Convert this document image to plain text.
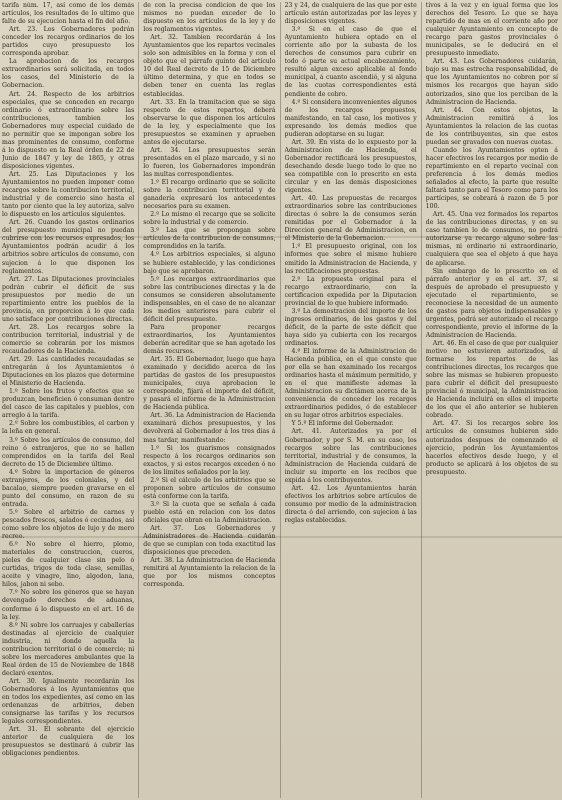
tarifa núm. 17, así como de los demás artículos, los resultados de lo ultimo que falte de su ejecucion hasta el fin del año.

Art. 23. Los Gobernadores podrán conceder los recargos ordinarios de los partidos cuyo presupuesto los corresponda aprobar.

La aprobacion de los recargos extraordinarios será solicitada, en todos los casos, del Ministerio de la Gobernacion.

Art. 24. Respecto de los arbitrios especiales, que se conceden en recargo ordinario ó extraordinario sobre las contribuciones, tambien los Gobernadores muy especial cuidado de no permitir que se impongan sobre los mas prominentes de consumo, conforme á lo dispuesto en la Real órden de 22 de Junio de 1847 y ley de 1865, y otras disposiciones vigentes.

Art. 25. Las Diputaciones y los Ayuntamientos no pueden imponer como recargos sobre la contribucion territorial, industrial y de comercio sino hasta el tanto por ciento que la ley autoriza, salvo lo dispuesto en los artículos siguientes.

Art. 26. Cuando los gastos ordinarios del presupuesto municipal no puedan cubrirse con los recursos expresados, los Ayuntamientos podrán acudir á los arbitrios sobre artículos de consumo, con sujecion á lo que disponen los reglamentos.

Art. 27. Las Diputaciones provinciales podrán cubrir el déficit de sus presupuestos por medio de un repartimiento entre los pueblos de la provincia, en proporcion á lo que cada uno satisface por contribuciones directas.

Art. 28. Los recargos sobre la contribucion territorial, industrial y de comercio se cobrarán por los mismos recaudadores de la Hacienda.

Art. 29. Las cantidades recaudadas se entregarán á los Ayuntamientos ó Diputaciones en los plazos que determine el Ministerio de Hacienda.

1.º Sobre los frutos y efectos que se produzcan, beneficien ó consuman dentro del casco de las capitales y pueblos, con arreglo á la tarifa.

2.º Sobre los combustibles, el carbon y la leña en general.

3.º Sobre los artículos de consumo, del reino ó extranjeros, que no se hallen comprendidos en la tarifa del Real decreto de 15 de Diciembre último.

4.º Sobre la importacion de géneros extranjeros, de los coloniales, y del bacalao, siempre pueden gravarse en el punto del consumo, en razon de su entrada.

5.º Sobre el arbitrio de carnes y pescados frescos, salados ó cecinados, así como sobre los objetos de lujo y de mero recreo.

6.º No sobre el hierro, plomo, materiales de construccion, cueros, pieles de cualquier clase sin pelo ó curtidas, trigos de toda clase, semillas, aceite y vinagre, lino, algodon, lana, hilos, jabon ni sebo.

7.º No sobre los géneros que se hayan devengado derechos de aduanas, conforme á lo dispuesto en el art. 16 de la ley.

8.º Ni sobre los carruajes y caballerías destinadas al ejercicio de cualquier industria, ni donde aquella la contribucion territorial ó de comercio; ni sobre los mercaderes ambulantes que la Real órden de 15 de Noviembre de 1848 declaró exentos.

Art. 30. Igualmente recordarán los Gobernadores á los Ayuntamientos que en todos los expedientes, así como en las ordenanzas de arbitrios, deben consignarse las tarifas y los recursos legales correspondientes.

Art. 31. El sobrante del ejercicio anterior de cualquiera de los presupuestos se destinará á cubrir las obligaciones pendientes.

de con la precisa condicion de que los mismos no puedan exceder de lo dispuesto en los artículos de la ley y de los reglamentos vigentes.

Art. 32. Tambien recordarán á los Ayuntamientos que los repartos vecinales solo son admisibles en la forma y con el objeto que el párrafo quinto del artículo 10 del Real decreto de 15 de Diciembre último determina, y que en todos se deben tener en cuenta las reglas establecidas.

Art. 33. En la tramitacion que se siga respecto de estos repartos, deberá observarse lo que disponen los artículos de la ley, y especialmente que los presupuestos se examinen y aprueben antes de ejecutarse.

Art. 34. Los presupuestos serán presentados en el plazo marcado, y si no lo fueren, los Gobernadores impondrán las multas correspondientes.

1.º El recargo ordinario que se solicite sobre la contribucion territorial y de ganadería expresará los antecedentes necesarios para su examen.

2.º Lo mismo el recargo que se solicite sobre la industrial y de comercio.

3.º Las que se propongan sobre artículos de la contribucion de consumos, comprendidos en la tarifa.

4.º Los arbitrios especiales, si alguno se hubiere establecido, y las condiciones bajo que se aprobaron.

5.º Los recargos extraordinarios que sobre las contribuciones directas y la de consumos se consideren absolutamente indispensables, en el caso de no alcanzar los medios anteriores para cubrir el déficit del presupuesto.

Para proponer recargos extraordinarios, los Ayuntamientos deberán acreditar que se han agotado los demás recursos.

Art. 35. El Gobernador, luego que haya examinado y decidido acerca de los partidas de gastos de los presupuestos municipales, cuya aprobacion le corresponde, fijará el importe del déficit, y pasará el informe de la Administracion de Hacienda pública.

Art. 36. La Administracion de Hacienda examinará dichos presupuestos, y los devolverá al Gobernador á los tres dias á mas tardar, manifestando:

1.º Si los guarismos consignados respecto á los recargos ordinarios son exactos, y si estos recargos exceden ó no de los límites señalados por la ley.

2.º Si el cálculo de los arbitrios que se proponen sobre artículos de consumo está conforme con la tarifa.

3.º Si la cuota que se señala á cada pueblo está en relacion con los datos oficiales que obran en la Administracion.

Art. 37. Los Gobernadores y Administradores de Hacienda cuidarán de que se cumplan con toda exactitud las disposiciones que preceden.

Art. 38. La Administracion de Hacienda remitirá al Ayuntamiento la relacion de la que por los mismos conceptos corresponda.

23 y 24, de cualquiera de las que por este artículo están autorizadas por las leyes y disposiciones vigentes.

3.º Si en el caso de que el Ayuntamiento hubiera optado en el corriente año por la subasta de los derechos de consumos para cubrir en todo ó parte su actual encabezamiento, resultó algun exceso aplicable al fondo municipal, á cuanto ascendió, y si alguna de las cuotas correspondientes está pendiente de cobro.

4.º Si considera inconvenientes algunos de los recargos propuestos, manifestando, en tal caso, los motivos y expresando los demás medios que pudieran adoptarse en su lugar.

Art. 39. En vista de lo expuesto por la Administracion de Hacienda, el Gobernador rectificará los presupuestos, desechando desde luego todo lo que no sea compatible con lo prescrito en esta circular y en las demás disposiciones vigentes.

Art. 40. Las propuestas de recargos extraordinarios sobre las contribuciones directas ó sobre la de consumos serán remitidas por el Gobernador á la Direccion general de Administracion, en el Ministerio de la Gobernacion.

1.º El presupuesto original, con los informes que sobre el mismo hubiere emitido la Administracion de Hacienda, y las rectificaciones propuestas.

2.º La propuesta original para el recargo extraordinario, con la certificacion expedida por la Diputacion provincial de lo que hubiere informado.

3.º La demostracion del importe de los ingresos ordinarios, de los gastos y del déficit, de la parte de este déficit que haya sido ya cubierta con los recargos ordinarios.

4.º El informe de la Administracion de Hacienda pública, en el que conste que por ella se han examinado los recargos ordinarios hasta el máximum permitido, y en el que manifieste ademas la Administracion su dictámen acerca de la conveniencia de conceder los recargos extraordinarios pedidos, ó de establecer en su lugar otros arbitrios especiales.

Y 5.º El informe del Gobernador.

Art. 41. Autorizados ya por el Gobernador, y por S. M. en su caso, los recargos sobre las contribuciones territorial, industrial y de consumos, la Administracion de Hacienda cuidará de incluir su importe en los recibos que expida á los contribuyentes.

Art. 42. Los Ayuntamientos harán efectivos los arbitrios sobre artículos de consumo por medio de la administracion directa ó del arriendo, con sujecion á las reglas establecidas.

tivos á la vez y en igual forma que los derechos del Tesoro. Lo que se haya repartido de mas en el corriente año por cualquier Ayuntamiento en concepto de recargo para gastos provinciales ó municipales, se le deducirá en el presupuesto inmediato.

Art. 43. Los Gobernadores cuidarán, bajo su mas estrecha responsabilidad, de que los Ayuntamientos no cobren por sí mismos los recargos que hayan sido autorizados, sino que los perciban de la Administracion de Hacienda.

Art. 44. Con estos objetos, la Administracion remitirá á los Ayuntamientos la relacion de las cuotas de los contribuyentes, sin que estos puedan ser gravados con nuevas cuotas.

Cuando los Ayuntamientos opten á hacer efectivos los recargos por medio de repartimiento en el reparto vecinal con preferencia á los demás medios señalados al efecto, la parte que resulte faltará tanto para el Tesoro como para los partícipes, se cobrará á razon de 5 por 100.

Art. 45. Una vez formados los repartos de las contribuciones directas, y en su caso tambien lo de consumos, no podrá autorizarse ya recargo alguno sobre las mismas, ni ordinario ni extraordinario, cualquiera que sea el objeto á que haya de aplicarse.

Sin embargo de lo prescrito en el párrafo anterior y en el art. 37, si después de aprobado el presupuesto y ejecutado el repartimiento, se reconociese la necesidad de un aumento de gastos para objetos indispensables y urgentes, podrá ser autorizado el recargo correspondiente, previo el informe de la Administracion de Hacienda.

Art. 46. En el caso de que por cualquier motivo no estuvieren autorizados, al formarse los repartos de las contribuciones directas, los recargos que sobre las mismas se hubieren propuesto para cubrir el déficit del presupuesto provincial ó municipal, la Administracion de Hacienda incluirá en ellos el importe de los que el año anterior se hubieren cobrado.

Art. 47. Si los recargos sobre los artículos de consumos hubieren sido autorizados despues de comenzado el ejercicio, podrán los Ayuntamientos hacerlos efectivos desde luego, y el producto se aplicará á los objetos de su presupuesto.
